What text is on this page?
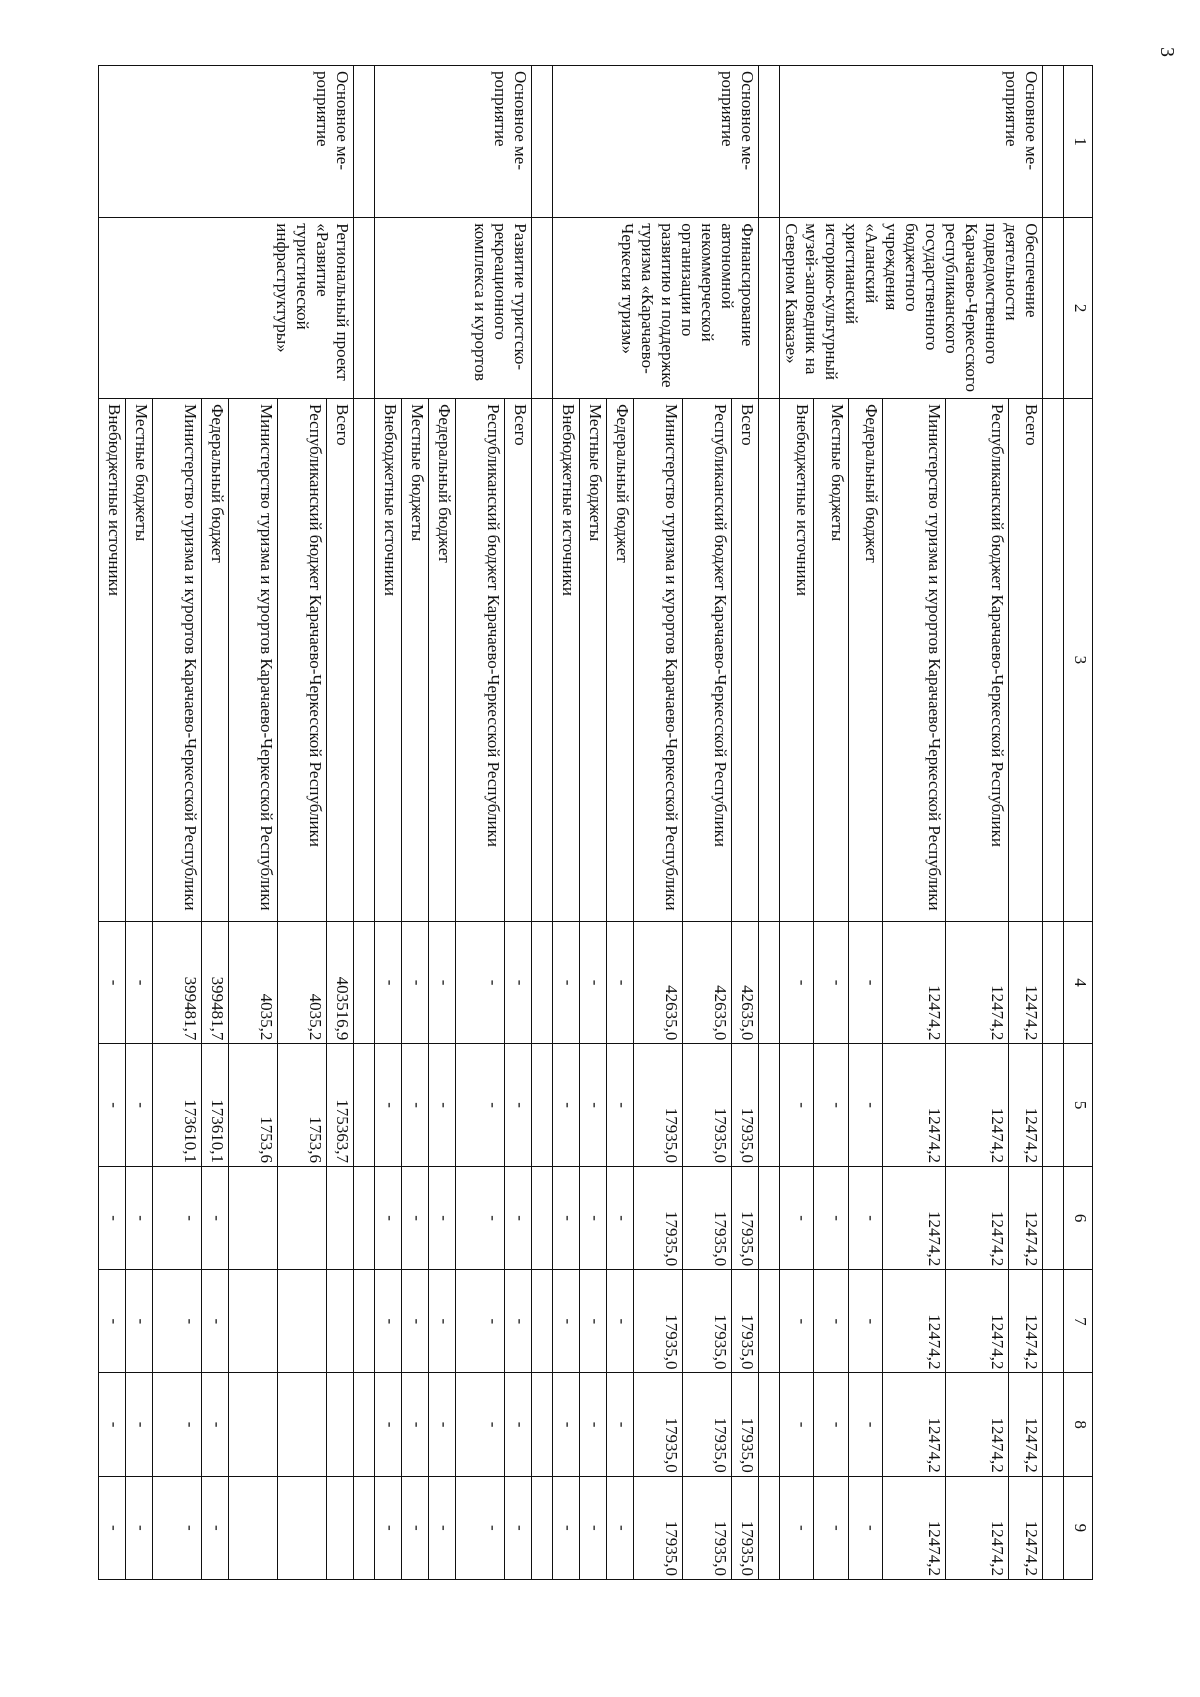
3
1	2	3	4	5	6	7	8	9

Основное ме-
роприятие	Обеспечение деятельности подведомственного Карачаево-Черкесского республиканского государственного бюджетного учреждения «Аланский христианский историко-культурный музей-заповедник на Северном Кавказе»	Всего	12474,2	12474,2	12474,2	12474,2	12474,2	12474,2
		Республиканский бюджет Карачаево-Черкесской Республики	12474,2	12474,2	12474,2	12474,2	12474,2	12474,2
		Министерство туризма и курортов Карачаево-Черкесской Республики	12474,2	12474,2	12474,2	12474,2	12474,2	12474,2
		Федеральный бюджет	-	-	-	-	-	-
		Местные бюджеты	-	-	-	-	-	-
		Внебюджетные источники	-	-	-	-	-	-

Основное ме-
роприятие	Финансирование автономной некоммерческой организации по развитию и поддержке туризма «Карачаево-Черкесия туризм»	Всего	42635,0	17935,0	17935,0	17935,0	17935,0	17935,0
		Республиканский бюджет Карачаево-Черкесской Республики	42635,0	17935,0	17935,0	17935,0	17935,0	17935,0
		Министерство туризма и курортов Карачаево-Черкесской Республики	42635,0	17935,0	17935,0	17935,0	17935,0	17935,0
		Федеральный бюджет	-	-	-	-	-	-
		Местные бюджеты	-	-	-	-	-	-
		Внебюджетные источники	-	-	-	-	-	-

Основное ме-
роприятие	Развитие туристско- рекреационного комплекса и курортов	Всего	-	-	-	-	-	-
		Республиканский бюджет Карачаево-Черкесской Республики	-	-	-	-	-	-
		Федеральный бюджет	-	-	-	-	-	-
		Местные бюджеты	-	-	-	-	-	-
		Внебюджетные источники	-	-	-	-	-	-

Основное ме-
роприятие	Региональный проект «Развитие туристической инфраструктуры»	Всего	403516,9	175363,7				
		Республиканский бюджет Карачаево-Черкесской Республики	4035,2	1753,6				
		Министерство туризма и курортов Карачаево-Черкесской Республики	4035,2	1753,6				
		Федеральный бюджет	399481,7	173610,1	-	-	-	-
		Министерство туризма и курортов Карачаево-Черкесской Республики	399481,7	173610,1	-	-	-	-
		Местные бюджеты	-	-	-	-	-	-
		Внебюджетные источники	-	-	-	-	-	-
